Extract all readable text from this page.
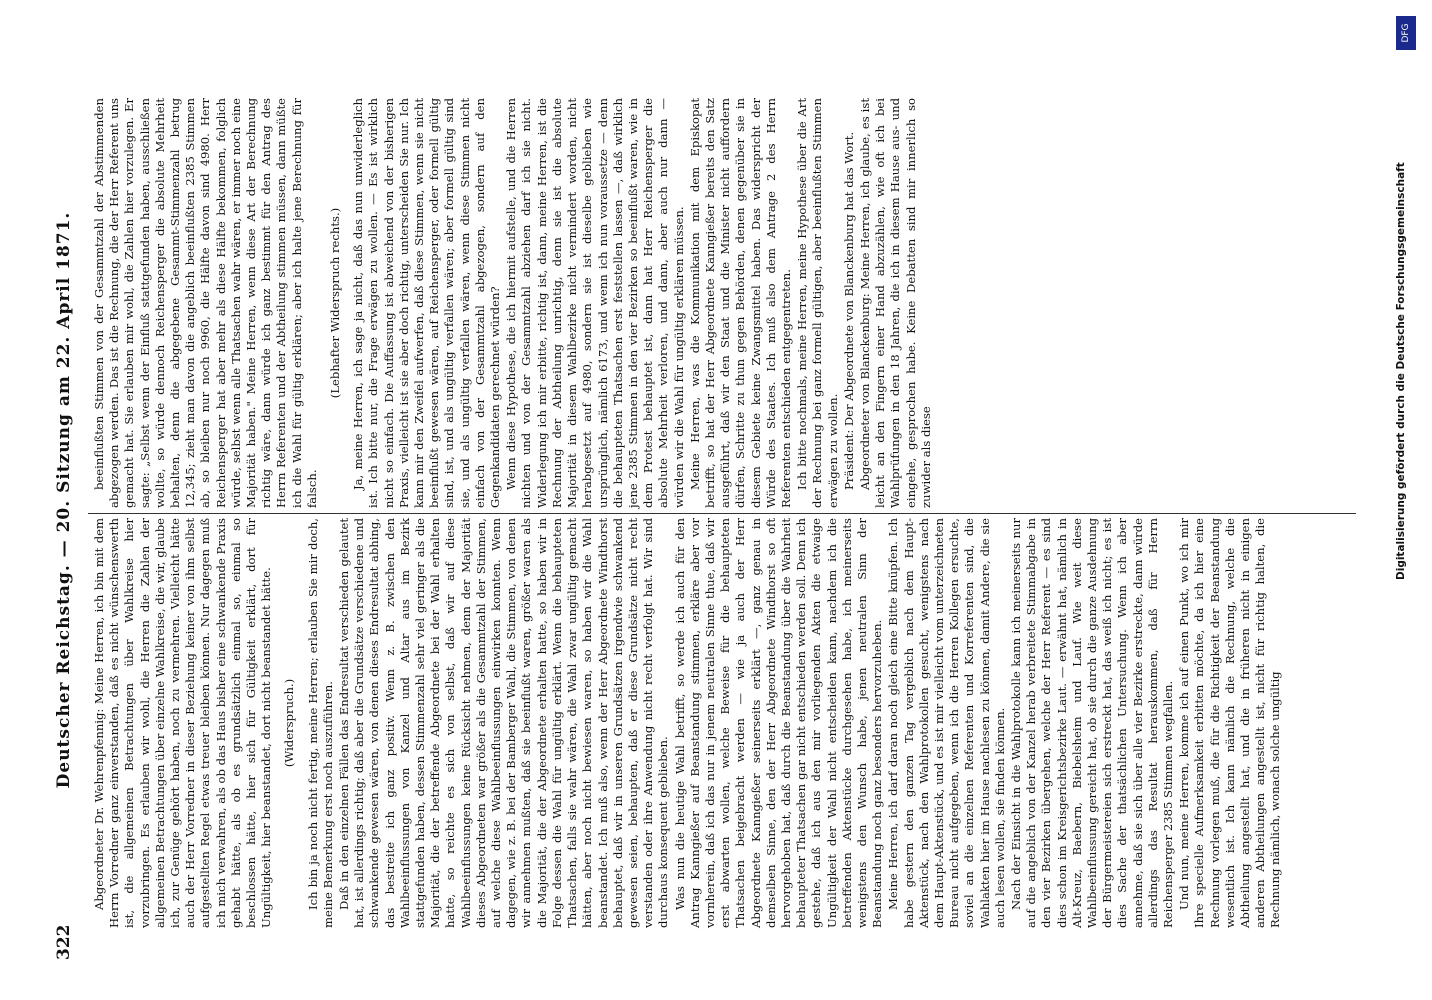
322
Deutscher Reichstag. — 20. Sitzung am 22. April 1871. Abgeordneter Dr. Wehrenpfennig: Meine Herren, ich bin mit dem Herrn Vorredner ganz einverstanden, daß es nicht wünschenswerth ist, die allgemeinen Betrachtungen über Wahlkreise hier vorzubringen. Es erlauben wir wohl, die Herren die Zahlen der allgemeinen Betrachtungen über einzelne Wahlkreise, die wir, glaube ich, zur Genüge gehört haben, noch zu vermehren. Vielleicht hätte auch der Herr Vorredner in dieser Beziehung keiner von ihm selbst aufgestellten Regel etwas treuer bleiben können. Nur dagegen muß ich mich verwahren, als ob das Haus bisher eine schwankende Praxis gehabt hätte, als ob es grundsätzlich einmal so, einmal so beschlossen hätte, hier sich für Gültigkeit erklärt, dort für Ungültigkeit, hier beanstandet, dort nicht beanstandet hätte. (Widerspruch.) Ich bin ja noch nicht fertig, meine Herren; erlauben Sie mir doch, meine Bemerkung erst noch auszuführen. Daß in den einzelnen Fällen das Endresultat verschieden gelautet hat, ist allerdings richtig; daß aber die Grundsätze verschiedene und schwankende gewesen wären, von denen dieses Endresultat abhing, das bestreite ich ganz positiv. Wenn z. B. zwischen den Wahlbeeinflussungen von Kanzel und Altar aus im Bezirk stattgefunden haben, dessen Stimmenzahl sehr viel geringer als die Majorität, die der betreffende Abgeordnete bei der Wahl erhalten hatte, so reichte es sich von selbst, daß wir auf diese Wahlbeeinflussungen keine Rücksicht nehmen, denn der Majorität dieses Abgeordneten war größer als die Gesammtzahl der Stimmen, auf welche diese Wahlbeeinflussungen einwirken konnten. Wenn dagegen, wie z. B. bei der Bamberger Wahl, die Stimmen, von denen wir annehmen mußten, daß sie beeinflußt waren, größer waren als die Majorität, die der Abgeordnete erhalten hatte, so haben wir in Folge dessen die Wahl für ungültig erklärt. Wenn die behaupteten Thatsachen, falls sie wahr wären, die Wahl zwar ungültig gemacht hätten, aber noch nicht bewiesen waren, so haben wir die Wahl beanstandet. Ich muß also, wenn der Herr Abgeordnete Windthorst behauptet, daß wir in unseren Grundsätzen irgendwie schwankend gewesen seien, behaupten, daß er diese Grundsätze nicht recht verstanden oder ihre Anwendung nicht recht verfolgt hat. Wir sind durchaus konsequent geblieben. Was nun die heutige Wahl betrifft, so werde ich auch für den Antrag Kanngießer auf Beanstandung stimmen, erkläre aber vor vornherein, daß ich das nur in jenem neutralen Sinne thue, daß wir erst abwarten wollen, welche Beweise für die behaupteten Thatsachen beigebracht werden — wie ja auch der Herr Abgeordnete Kanngießer seinerseits erklärt —, ganz genau in demselben Sinne, den der Herr Abgeordnete Windthorst so oft hervorgehoben hat, daß durch die Beanstandung über die Wahrheit behaupteter Thatsachen gar nicht entschieden werden soll. Denn ich gestehe, daß ich aus den mir vorliegenden Akten die etwaige Ungültigkeit der Wahl nicht entscheiden kann, nachdem ich die betreffenden Aktenstücke durchgesehen habe, ich meinerseits wenigstens den Wunsch habe, jenen neutralen Sinn der Beanstandung noch ganz besonders hervorzuheben. Meine Herren, ich darf daran noch gleich eine Bitte knüpfen. Ich habe gestern den ganzen Tag vergeblich nach dem Haupt-Aktenstück, nach den Wahlprotokollen gesucht, wenigstens nach dem Haupt-Aktenstück, und es ist mir vielleicht vom unterzeichneten Bureau nicht aufgegeben, wenn ich die Herren Kollegen ersuchte, soviel an die einzelnen Referenten und Korreferenten sind, die Wahlakten hier im Hause nachlesen zu können, damit Andere, die sie auch lesen wollen, sie finden können. Nach der Einsicht in die Wahlprotokolle kann ich meinerseits nur auf die angeblich von der Kanzel herab verbreitete Stimmabgabe in den vier Bezirken übergehen, welche der Herr Referent — es sind dies schon im Kreisgerichtsbezirke Laut. — erwähnt hat, nämlich in Alt-Kreuz, Baebern, Biebelsheim und Lauf. Wie weit diese Wahlbeeinflussung gereicht hat, ob sie durch die ganze Ausdehnung der Bürgermeistereien sich erstreckt hat, das weiß ich nicht; es ist dies Sache der thatsächlichen Untersuchung. Wenn ich aber annehme, daß sie sich über alle vier Bezirke erstreckte, dann würde allerdings das Resultat herauskommen, daß für Herrn Reichensperger 2385 Stimmen wegfallen. Und nun, meine Herren, komme ich auf einen Punkt, wo ich mir Ihre specielle Aufmerksamkeit erbitten möchte, da ich hier eine Rechnung vorlegen muß, die für die Richtigkeit der Beanstandung wesentlich ist. Ich kann nämlich die Rechnung, welche die Abtheilung angestellt hat, und die in früheren nicht in einigen anderen Abtheilungen angestellt ist, nicht für richtig halten, die Rechnung nämlich, wonach solche ungültig

beeinflußten Stimmen von der Gesammtzahl der Abstimmenden abgezogen werden. Das ist die Rechnung, die der Herr Referent uns gemacht hat. Sie erlauben mir wohl, die Zahlen hier vorzulegen. Er sagte: „Selbst wenn der Einfluß stattgefunden haben, ausschließen wollte, so würde dennoch Reichensperger die absolute Mehrheit behalten, denn die abgegebene Gesammt-Stimmenzahl betrug 12,345; zieht man davon die angeblich beeinflußten 2385 Stimmen ab, so bleiben nur noch 9960, die Hälfte davon sind 4980. Herr Reichensperger hat aber mehr als diese Hälfte bekommen, folglich würde, selbst wenn alle Thatsachen wahr wären, er immer noch eine Majorität haben." Meine Herren, wenn diese Art der Berechnung richtig wäre, dann würde ich ganz bestimmt für den Antrag des Herrn Referenten und der Abtheilung stimmen müssen, dann müßte ich die Wahl für gültig erklären; aber ich halte jene Berechnung für falsch.

(Lebhafter Widerspruch rechts.) Ja, meine Herren, ich sage ja nicht, daß das nun unwiderleglich ist. Ich bitte nur, die Frage erwägen zu wollen. — Es ist wirklich nicht so einfach. Die Auffassung ist abweichend von der bisherigen Praxis, vielleicht ist sie aber doch richtig, unterscheiden Sie nur. Ich kann mir den Zweifel aufwerfen, daß diese Stimmen, wenn sie nicht beeinflußt gewesen wären, auf Reichensperger, oder formell gültig sind, ist, und als ungültig verfallen wären; aber formell gültig sind sie, und als ungültig verfallen wären, wenn diese Stimmen nicht einfach von der Gesammtzahl abgezogen, sondern auf den Gegenkandidaten gerechnet würden? Wenn diese Hypothese, die ich hiermit aufstelle, und die Herren nichten und von der Gesammtzahl abziehen darf ich sie nicht. Widerlegung ich mir erbitte, richtig ist, dann, meine Herren, ist die Rechnung der Abtheilung unrichtig, denn sie ist die absolute Majorität in diesem Wahlbezirke nicht vermindert worden, nicht herabgesetzt auf 4980, sondern sie ist dieselbe geblieben wie ursprünglich, nämlich 6173, und wenn ich nun voraussetze — denn die behaupteten Thatsachen erst feststellen lassen —, daß wirklich jene 2385 Stimmen in den vier Bezirken so beeinflußt waren, wie in dem Protest behauptet ist, dann hat Herr Reichensperger die absolute Mehrheit verloren, und dann, aber auch nur dann — würden wir die Wahl für ungültig erklären müssen. Meine Herren, was die Kommunikation mit dem Episkopat betrifft, so hat der Herr Abgeordnete Kanngießer bereits den Satz ausgeführt, daß wir den Staat und die Minister nicht auffordern dürfen, Schritte zu thun gegen Behörden, denen gegenüber sie in diesem Gebiete keine Zwangsmittel haben. Das widerspricht der Würde des Staates. Ich muß also dem Antrage 2 des Herrn Referenten entschieden entgegentreten. Ich bitte nochmals, meine Herren, meine Hypothese über die Art der Rechnung bei ganz formell gültigen, aber beeinflußten Stimmen erwägen zu wollen. Präsident: Der Abgeordnete von Blanckenburg hat das Wort. Abgeordneter von Blanckenburg: Meine Herren, ich glaube, es ist leicht an den Fingern einer Hand abzuzählen, wie oft ich bei Wahlprüfungen in den 18 Jahren, die ich in diesem Hause aus- und eingehe, gesprochen habe. Keine Debatten sind mir innerlich so zuwider als diese	Digitalisierung gefördert durch die Deutsche Forschungsgemeinschaft
DFG
